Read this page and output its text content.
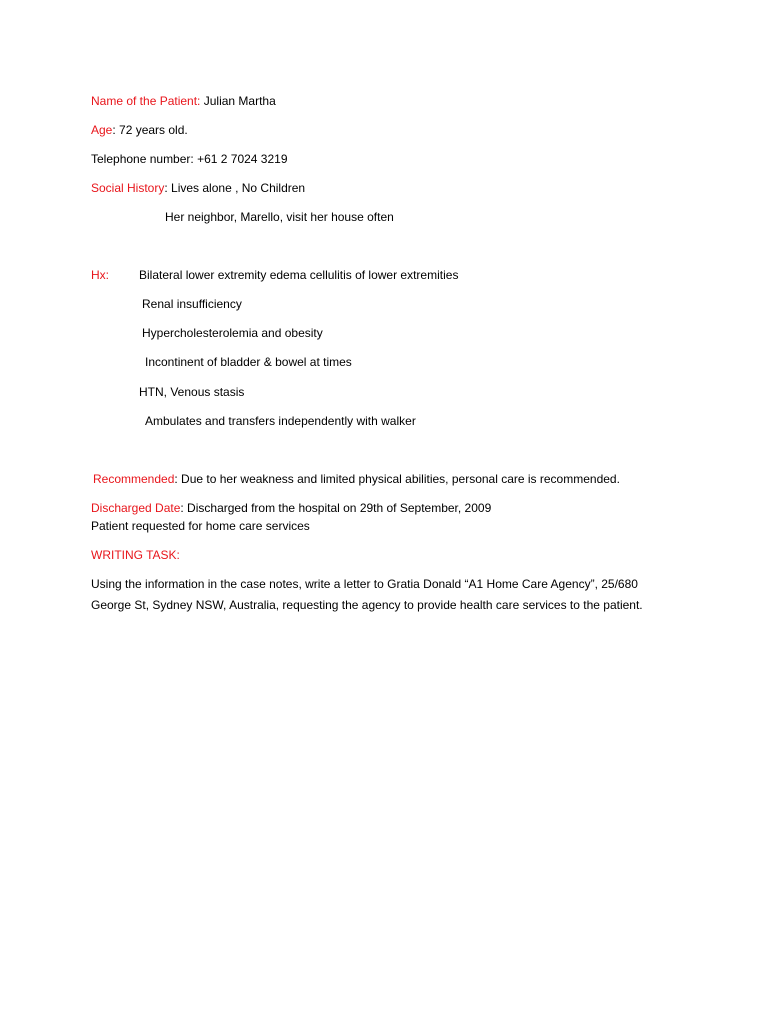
Name of the Patient: Julian Martha
Age: 72 years old.
Telephone number: +61 2 7024 3219
Social History: Lives alone , No Children
Her neighbor, Marello, visit her house often
Hx:	Bilateral lower extremity edema cellulitis of lower extremities
Renal insufficiency
Hypercholesterolemia and obesity
Incontinent of bladder & bowel at times
HTN, Venous stasis
Ambulates and transfers independently with walker
Recommended: Due to her weakness and limited physical abilities, personal care is recommended.
Discharged Date: Discharged from the hospital on 29th of September, 2009
Patient requested for home care services
WRITING TASK:
Using the information in the case notes, write a letter to Gratia Donald “A1 Home Care Agency”, 25/680
George St, Sydney NSW, Australia, requesting the agency to provide health care services to the patient.
